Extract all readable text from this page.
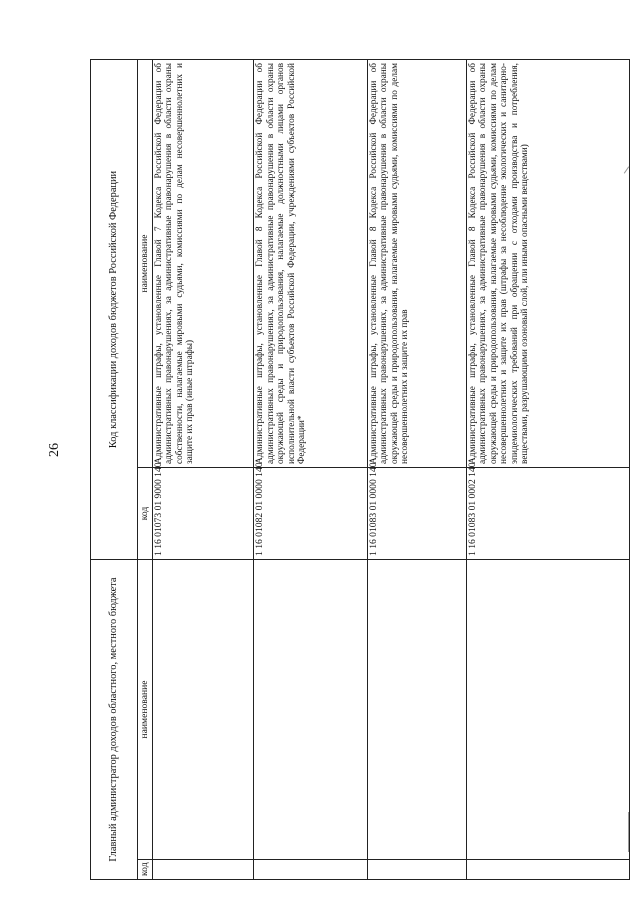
26
Главный администратор доходов областного, местного бюджета		Код классификации доходов бюджетов Российской Федерации	
код	наименование	код	наименование
		1 16 01073 01 9000 140	Административные штрафы, установленные Главой 7 Кодекса Российской Федерации об административных правонарушениях, за административные правонарушения в области охраны собственности, налагаемые мировыми судьями, комиссиями по делам несовершеннолетних и защите их прав (иные штрафы)
		1 16 01082 01 0000 140	Административные штрафы, установленные Главой 8 Кодекса Российской Федерации об административных правонарушениях, за административные правонарушения в области охраны окружающей среды и природопользования, налагаемые должностными лицами органов исполнительной власти субъектов Российской Федерации, учреждениями субъектов Российской Федерации*
		1 16 01083 01 0000 140	Административные штрафы, установленные Главой 8 Кодекса Российской Федерации об административных правонарушениях, за административные правонарушения в области охраны окружающей среды и природопользования, налагаемые мировыми судьями, комиссиями по делам несовершеннолетних и защите их прав
		1 16 01083 01 0002 140	Административные штрафы, установленные Главой 8 Кодекса Российской Федерации об административных правонарушениях, за административные правонарушения в области охраны окружающей среды и природопользования, налагаемые мировыми судьями, комиссиями по делам несовершеннолетних и защите их прав (штрафы за несоблюдение экологических и санитарно-эпидемиологических требований при обращении с отходами производства и потребления, веществами, разрушающими озоновый слой, или иными опасными веществами)
